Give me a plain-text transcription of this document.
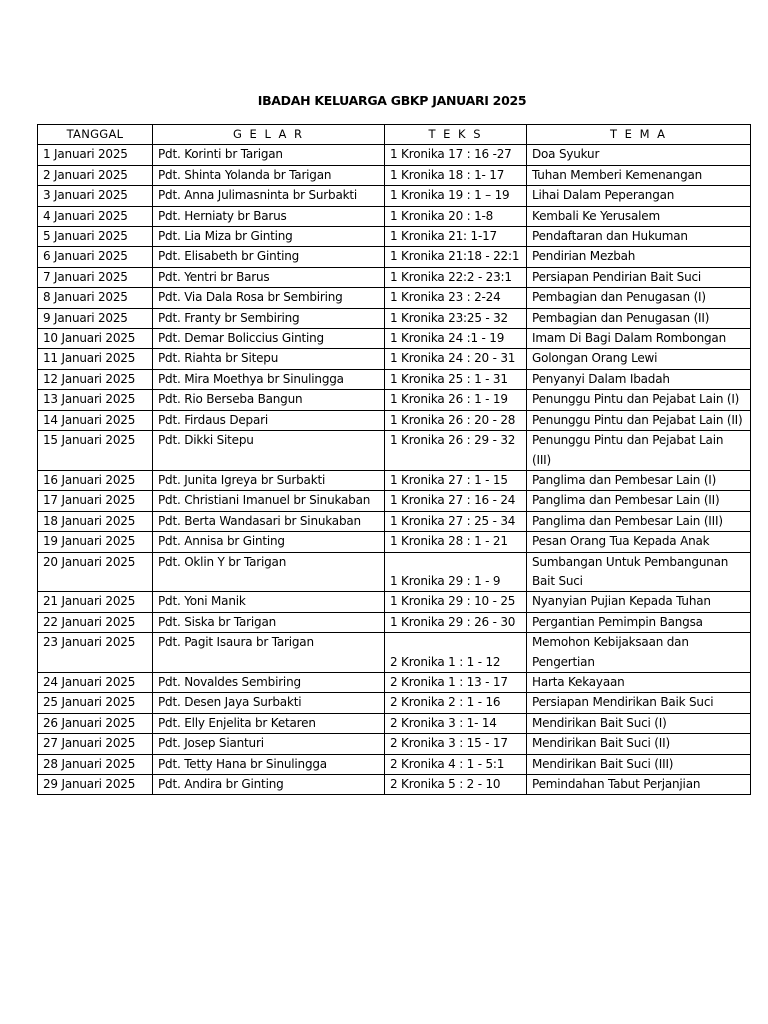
IBADAH KELUARGA GBKP JANUARI 2025
TANGGAL	G E L A R	T E K S	T E M A
1 Januari 2025	Pdt. Korinti br Tarigan	1 Kronika 17 : 16 -27	Doa Syukur
2 Januari 2025	Pdt. Shinta Yolanda br Tarigan	1 Kronika 18 : 1- 17	Tuhan Memberi Kemenangan
3 Januari 2025	Pdt. Anna Julimasninta br Surbakti	1 Kronika 19 : 1 – 19	Lihai Dalam Peperangan
4 Januari 2025	Pdt. Herniaty br Barus	1 Kronika 20 : 1-8	Kembali Ke Yerusalem
5 Januari 2025	Pdt. Lia Miza br Ginting	1 Kronika 21: 1-17	Pendaftaran dan Hukuman
6 Januari 2025	Pdt. Elisabeth br Ginting	1 Kronika 21:18 - 22:1	Pendirian Mezbah
7 Januari 2025	Pdt. Yentri br Barus	1 Kronika 22:2 - 23:1	Persiapan Pendirian Bait Suci
8 Januari 2025	Pdt. Via Dala Rosa br Sembiring	1 Kronika 23 : 2-24	Pembagian dan Penugasan (I)
9 Januari 2025	Pdt. Franty br Sembiring	1 Kronika 23:25 - 32	Pembagian dan Penugasan (II)
10 Januari 2025	Pdt. Demar Boliccius Ginting	1 Kronika 24 :1 - 19	Imam Di Bagi Dalam Rombongan
11 Januari 2025	Pdt. Riahta br Sitepu	1 Kronika 24 : 20 - 31	Golongan Orang Lewi
12 Januari 2025	Pdt. Mira Moethya br Sinulingga	1 Kronika 25 : 1 - 31	Penyanyi Dalam Ibadah
13 Januari 2025	Pdt. Rio Berseba Bangun	1 Kronika 26 : 1 - 19	Penunggu Pintu dan Pejabat Lain (I)
14 Januari 2025	Pdt. Firdaus Depari	1 Kronika 26 : 20 - 28	Penunggu Pintu dan Pejabat Lain (II)
15 Januari 2025	Pdt. Dikki Sitepu	1 Kronika 26 : 29 - 32	Penunggu Pintu dan Pejabat Lain (III)
16 Januari 2025	Pdt. Junita Igreya br Surbakti	1 Kronika 27 : 1 - 15	Panglima dan Pembesar Lain (I)
17 Januari 2025	Pdt. Christiani Imanuel br Sinukaban	1 Kronika 27 : 16 - 24	Panglima dan Pembesar Lain (II)
18 Januari 2025	Pdt. Berta Wandasari br Sinukaban	1 Kronika 27 : 25 - 34	Panglima dan Pembesar Lain (III)
19 Januari 2025	Pdt. Annisa br Ginting	1 Kronika 28 : 1 - 21	Pesan Orang Tua Kepada Anak
20 Januari 2025	Pdt. Oklin Y br Tarigan	1 Kronika 29 : 1 - 9	Sumbangan Untuk Pembangunan Bait Suci
21 Januari 2025	Pdt. Yoni Manik	1 Kronika 29 : 10 - 25	Nyanyian Pujian Kepada Tuhan
22 Januari 2025	Pdt. Siska br Tarigan	1 Kronika 29 : 26 - 30	Pergantian Pemimpin Bangsa
23 Januari 2025	Pdt. Pagit Isaura br Tarigan	2 Kronika 1 : 1 - 12	Memohon Kebijaksaan dan Pengertian
24 Januari 2025	Pdt. Novaldes Sembiring	2 Kronika 1 : 13 - 17	Harta Kekayaan
25 Januari 2025	Pdt. Desen Jaya Surbakti	2 Kronika 2 : 1 - 16	Persiapan Mendirikan Baik Suci
26 Januari 2025	Pdt. Elly Enjelita br Ketaren	2 Kronika 3 : 1- 14	Mendirikan Bait Suci (I)
27 Januari 2025	Pdt. Josep Sianturi	2 Kronika 3 : 15 - 17	Mendirikan Bait Suci (II)
28 Januari 2025	Pdt. Tetty Hana br Sinulingga	2 Kronika 4 : 1 - 5:1	Mendirikan Bait Suci (III)
29 Januari 2025	Pdt. Andira br Ginting	2 Kronika 5 : 2 - 10	Pemindahan Tabut Perjanjian
